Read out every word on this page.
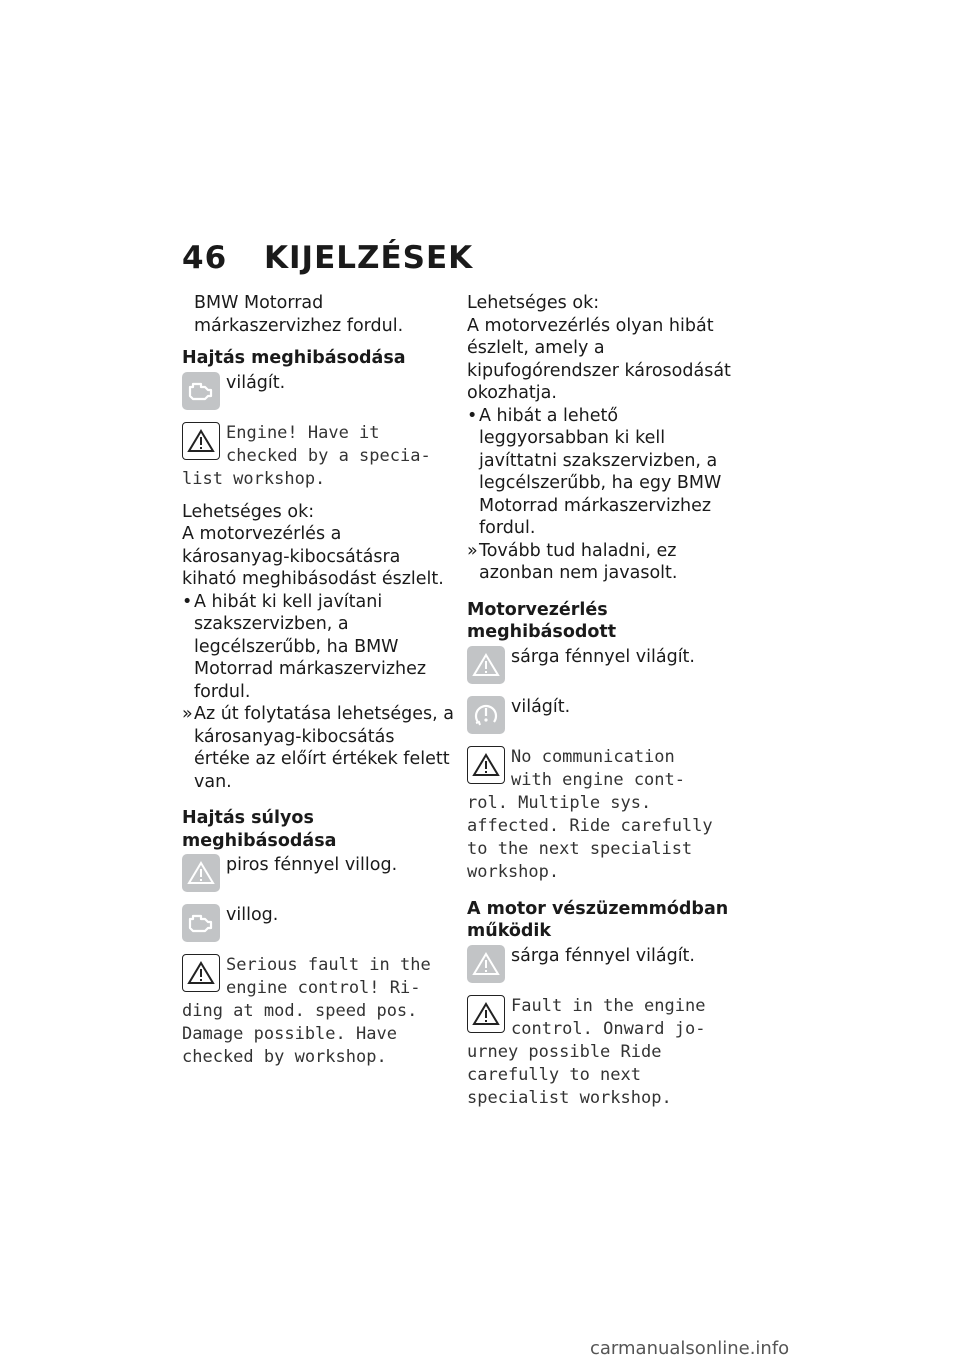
46 KIJELZÉSEK

BMW Motorrad márkaszervizhez fordul.

Hajtás meghibásodása

világít.
Engine! Have it
checked by a specia-
list workshop.

Lehetséges ok:

A motorvezérlés a károsanyag-kibocsátásra kiható meghibásodást észlelt.

• A hibát ki kell javítani szakszervizben, a legcélszerűbb, ha BMW Motorrad márkaszervizhez fordul.
» Az út folytatása lehetséges, a károsanyag-kibocsátás értéke az előírt értékek felett van.

Hajtás súlyos meghibásodása

piros fénnyel villog.
villog.
Serious fault in the
engine control! Ri-
ding at mod. speed pos. Damage possible. Have checked by workshop.

Lehetséges ok:

A motorvezérlés olyan hibát észlelt, amely a kipufogórendszer károsodását okozhatja.

• A hibát a lehető leggyorsabban ki kell javíttatni szakszervizben, a legcélszerűbb, ha egy BMW Motorrad márkaszervizhez fordul.
» Tovább tud haladni, ez azonban nem javasolt.

Motorvezérlés meghibásodott

sárga fénnyel világít.
világít.
No communication
with engine cont-
rol. Multiple sys. affected. Ride carefully to the next specialist workshop.

A motor vészüzemmódban működik

sárga fénnyel világít.
Fault in the engine
control. Onward jo-
urney possible Ride carefully to next specialist workshop.
carmanualsonline.info
